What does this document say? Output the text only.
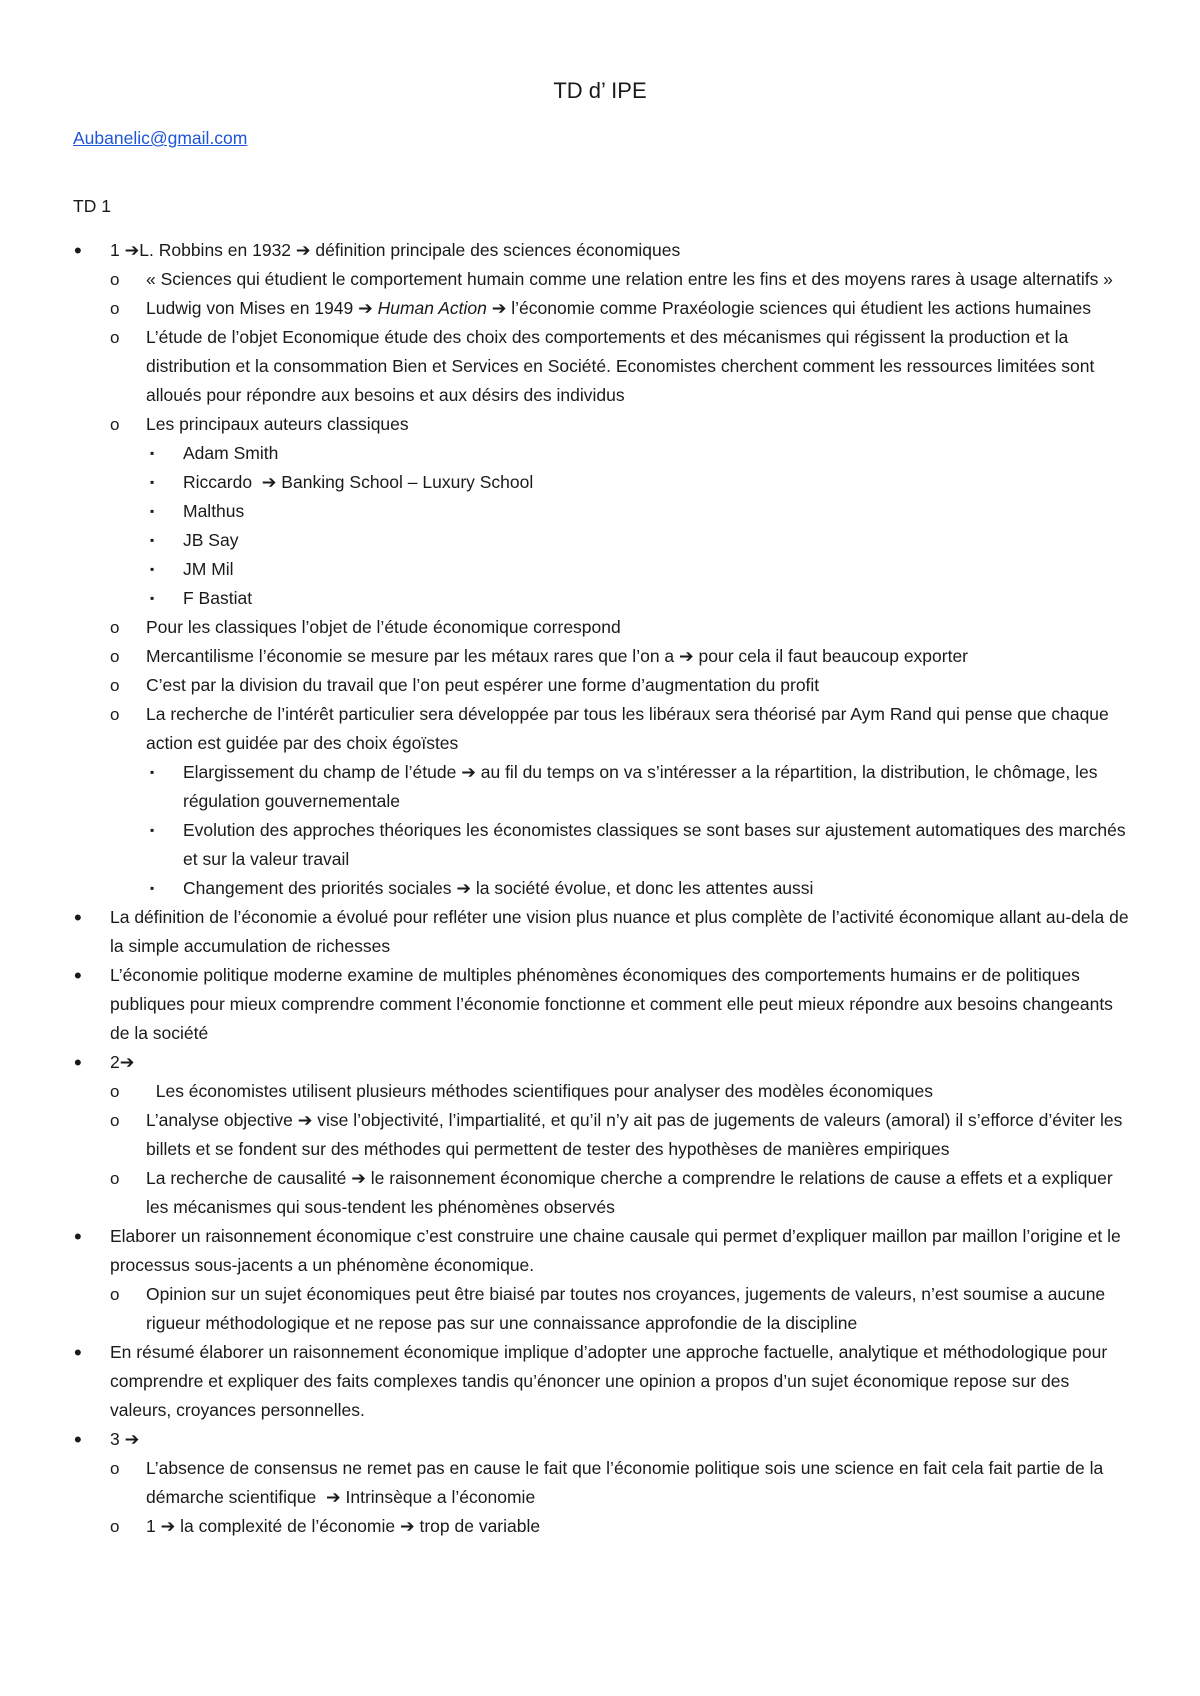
TD d’ IPE
Aubanelic@gmail.com
TD 1
• 1 ➔L. Robbins en 1932 ➔ définition principale des sciences économiques
o « Sciences qui étudient le comportement humain comme une relation entre les fins et des moyens rares à usage alternatifs »
o Ludwig von Mises en 1949 ➔ Human Action ➔ l’économie comme Praxéologie sciences qui étudient les actions humaines
o L’étude de l’objet Economique étude des choix des comportements et des mécanismes qui régissent la production et la distribution et la consommation Bien et Services en Société. Economistes cherchent comment les ressources limitées sont alloués pour répondre aux besoins et aux désirs des individus
o Les principaux auteurs classiques
▪ Adam Smith
▪ Riccardo  ➔ Banking School – Luxury School
▪ Malthus
▪ JB Say
▪ JM Mil
▪ F Bastiat
o Pour les classiques l’objet de l’étude économique correspond
o Mercantilisme l’économie se mesure par les métaux rares que l’on a ➔ pour cela il faut beaucoup exporter
o C’est par la division du travail que l’on peut espérer une forme d’augmentation du profit
o La recherche de l’intérêt particulier sera développée par tous les libéraux sera théorisé par Aym Rand qui pense que chaque action est guidée par des choix égoïstes
▪ Elargissement du champ de l’étude ➔ au fil du temps on va s’intéresser a la répartition, la distribution, le chômage, les régulation gouvernementale
▪ Evolution des approches théoriques les économistes classiques se sont bases sur ajustement automatiques des marchés et sur la valeur travail
▪ Changement des priorités sociales ➔ la société évolue, et donc les attentes aussi
• La définition de l’économie a évolué pour refléter une vision plus nuance et plus complète de l’activité économique allant au-dela de la simple accumulation de richesses
• L’économie politique moderne examine de multiples phénomènes économiques des comportements humains er de politiques publiques pour mieux comprendre comment l’économie fonctionne et comment elle peut mieux répondre aux besoins changeants de la société
• 2➔
o Les économistes utilisent plusieurs méthodes scientifiques pour analyser des modèles économiques
o L’analyse objective ➔ vise l’objectivité, l’impartialité, et qu’il n’y ait pas de jugements de valeurs (amoral) il s’efforce d’éviter les billets et se fondent sur des méthodes qui permettent de tester des hypothèses de manières empiriques
o La recherche de causalité ➔ le raisonnement économique cherche a comprendre le relations de cause a effets et a expliquer les mécanismes qui sous-tendent les phénomènes observés
• Elaborer un raisonnement économique c’est construire une chaine causale qui permet d’expliquer maillon par maillon l’origine et le processus sous-jacents a un phénomène économique.
o Opinion sur un sujet économiques peut être biaisé par toutes nos croyances, jugements de valeurs, n’est soumise a aucune rigueur méthodologique et ne repose pas sur une connaissance approfondie de la discipline
• En résumé élaborer un raisonnement économique implique d’adopter une approche factuelle, analytique et méthodologique pour comprendre et expliquer des faits complexes tandis qu’énoncer une opinion a propos d’un sujet économique repose sur des valeurs, croyances personnelles.
• 3 ➔
o L’absence de consensus ne remet pas en cause le fait que l’économie politique sois une science en fait cela fait partie de la démarche scientifique  ➔ Intrinsèque a l’économie
o 1 ➔ la complexité de l’économie ➔ trop de variable
